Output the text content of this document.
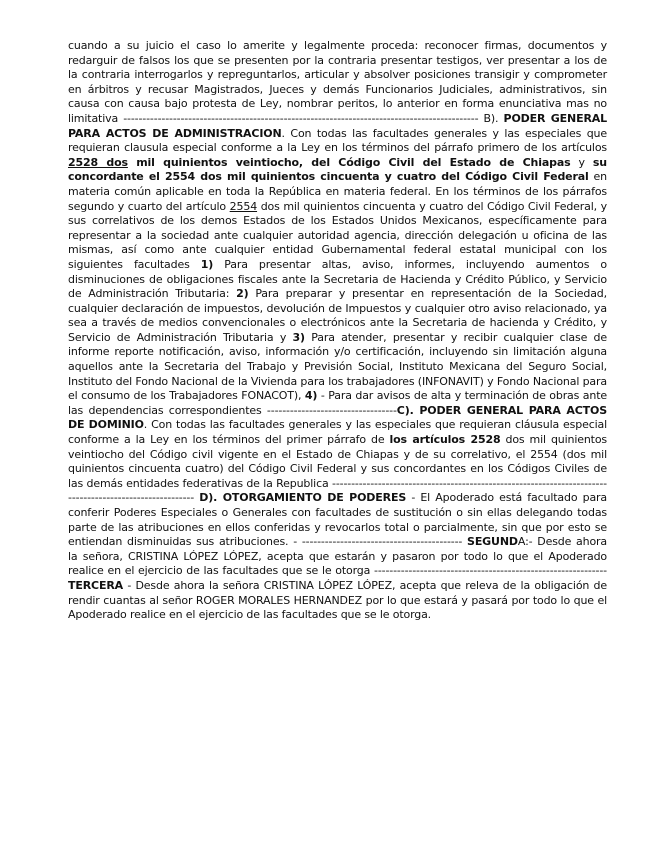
cuando a su juicio el caso lo amerite y legalmente proceda: reconocer firmas, documentos y redarguir de falsos los que se presenten por la contraria presentar testigos, ver presentar a los de la contraria interrogarlos y repreguntarlos, articular y absolver posiciones transigir y comprometer en árbitros y recusar Magistrados, Jueces y demás Funcionarios Judiciales, administrativos, sin causa con causa bajo protesta de Ley, nombrar peritos, lo anterior en forma enunciativa mas no limitativa --------------------------------------------------------------------------------------------- B). PODER GENERAL PARA ACTOS DE ADMINISTRACION. Con todas las facultades generales y las especiales que requieran clausula especial conforme a la Ley en los términos del párrafo primero de los artículos 2528 dos mil quinientos veintiocho, del Código Civil del Estado de Chiapas y su concordante el 2554 dos mil quinientos cincuenta y cuatro del Código Civil Federal en materia común aplicable en toda la República en materia federal. En los términos de los párrafos segundo y cuarto del artículo 2554 dos mil quinientos cincuenta y cuatro del Código Civil Federal, y sus correlativos de los demos Estados de los Estados Unidos Mexicanos, específicamente para representar a la sociedad ante cualquier autoridad agencia, dirección delegación u oficina de las mismas, así como ante cualquier entidad Gubernamental federal estatal municipal con los siguientes facultades 1) Para presentar altas, aviso, informes, incluyendo aumentos o disminuciones de obligaciones fiscales ante la Secretaria de Hacienda y Crédito Público, y Servicio de Administración Tributaria: 2) Para preparar y presentar en representación de la Sociedad, cualquier declaración de impuestos, devolución de Impuestos y cualquier otro aviso relacionado, ya sea a través de medios convencionales o electrónicos ante la Secretaria de hacienda y Crédito, y Servicio de Administración Tributaria y 3) Para atender, presentar y recibir cualquier clase de informe reporte notificación, aviso, información y/o certificación, incluyendo sin limitación alguna aquellos ante la Secretaria del Trabajo y Previsión Social, Instituto Mexicana del Seguro Social, Instituto del Fondo Nacional de la Vivienda para los trabajadores (INFONAVIT) y Fondo Nacional para el consumo de los Trabajadores FONACOT), 4) - Para dar avisos de alta y terminación de obras ante las dependencias correspondientes ----------------------------------C). PODER GENERAL PARA ACTOS DE DOMINIO. Con todas las facultades generales y las especiales que requieran cláusula especial conforme a la Ley en los términos del primer párrafo de los artículos 2528 dos mil quinientos veintiocho del Código civil vigente en el Estado de Chiapas y de su correlativo, el 2554 (dos mil quinientos cincuenta cuatro) del Código Civil Federal y sus concordantes en los Códigos Civiles de las demás entidades federativas de la Republica --------------------------------------------------------------------------------------------------------- D). OTORGAMIENTO DE PODERES - El Apoderado está facultado para conferir Poderes Especiales o Generales con facultades de sustitución o sin ellas delegando todas parte de las atribuciones en ellos conferidas y revocarlos total o parcialmente, sin que por esto se entiendan disminuidas sus atribuciones. - ------------------------------------------ SEGUNDA:- Desde ahora la señora, CRISTINA LÓPEZ LÓPEZ, acepta que estarán y pasaron por todo lo que el Apoderado realice en el ejercicio de las facultades que se le otorga -------------------------------------------------------------TERCERA - Desde ahora la señora CRISTINA LÓPEZ LÓPEZ, acepta que releva de la obligación de rendir cuantas al señor ROGER MORALES HERNANDEZ por lo que estará y pasará por todo lo que el Apoderado realice en el ejercicio de las facultades que se le otorga.
